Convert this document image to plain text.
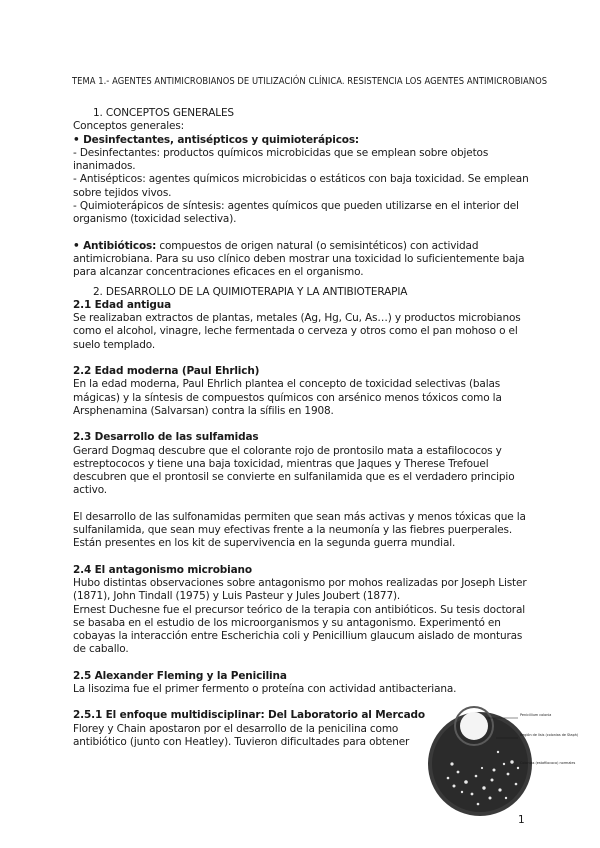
TEMA 1.- AGENTES ANTIMICROBIANOS DE UTILIZACIÓN CLÍNICA. RESISTENCIA LOS AGENTES ANTIMICROBIANOS

1. CONCEPTOS GENERALES

Conceptos generales:

• Desinfectantes, antisépticos y quimioterápicos:

- Desinfectantes: productos químicos microbicidas que se emplean sobre objetos inanimados.

- Antisépticos: agentes químicos microbicidas o estáticos con baja toxicidad. Se emplean sobre tejidos vivos.

- Quimioterápicos de síntesis: agentes químicos que pueden utilizarse en el interior del organismo (toxicidad selectiva).

• Antibióticos: compuestos de origen natural (o semisintéticos) con actividad antimicrobiana. Para su uso clínico deben mostrar una toxicidad lo suficientemente baja para alcanzar concentraciones eficaces en el organismo.

2. DESARROLLO DE LA QUIMIOTERAPIA Y LA ANTIBIOTERAPIA

2.1 Edad antigua

Se realizaban extractos de plantas, metales (Ag, Hg, Cu, As…) y productos microbianos como el alcohol, vinagre, leche fermentada o cerveza y otros como el pan mohoso o el suelo templado.

2.2 Edad moderna (Paul Ehrlich)

En la edad moderna, Paul Ehrlich plantea el concepto de toxicidad selectivas (balas mágicas) y la síntesis de compuestos químicos con arsénico menos tóxicos como la Arsphenamina (Salvarsan) contra la sífilis en 1908.

2.3 Desarrollo de las sulfamidas

Gerard Dogmaq descubre que el colorante rojo de prontosilo mata a estafilococos y estreptococos y tiene una baja toxicidad, mientras que Jaques y Therese Trefouel descubren que el prontosil se convierte en sulfanilamida que es el verdadero principio activo.

El desarrollo de las sulfonamidas permiten que sean más activas y menos tóxicas que la sulfanilamida, que sean muy efectivas frente a la neumonía y las fiebres puerperales. Están presentes en los kit de supervivencia en la segunda guerra mundial.

2.4 El antagonismo microbiano

Hubo distintas observaciones sobre antagonismo por mohos realizadas por Joseph Lister (1871), John Tindall (1975) y Luis Pasteur y Jules Joubert (1877).

Ernest Duchesne fue el precursor teórico de la terapia con antibióticos. Su tesis doctoral se basaba en el estudio de los microorganismos y su antagonismo. Experimentó en cobayas la interacción entre Escherichia coli y Penicillium glaucum aislado de monturas de caballo.

2.5 Alexander Fleming y la Penicilina

La lisozima fue el primer fermento o proteína con actividad antibacteriana.

2.5.1 El enfoque multidisciplinar: Del Laboratorio al Mercado

Florey y Chain apostaron por el desarrollo de la penicilina como

antibiótico (junto con Heatley). Tuvieron dificultades para obtener

Penicillium colonia
Región de lisis (colonias de Staph)
Colonias (estafilococo) normales
1
